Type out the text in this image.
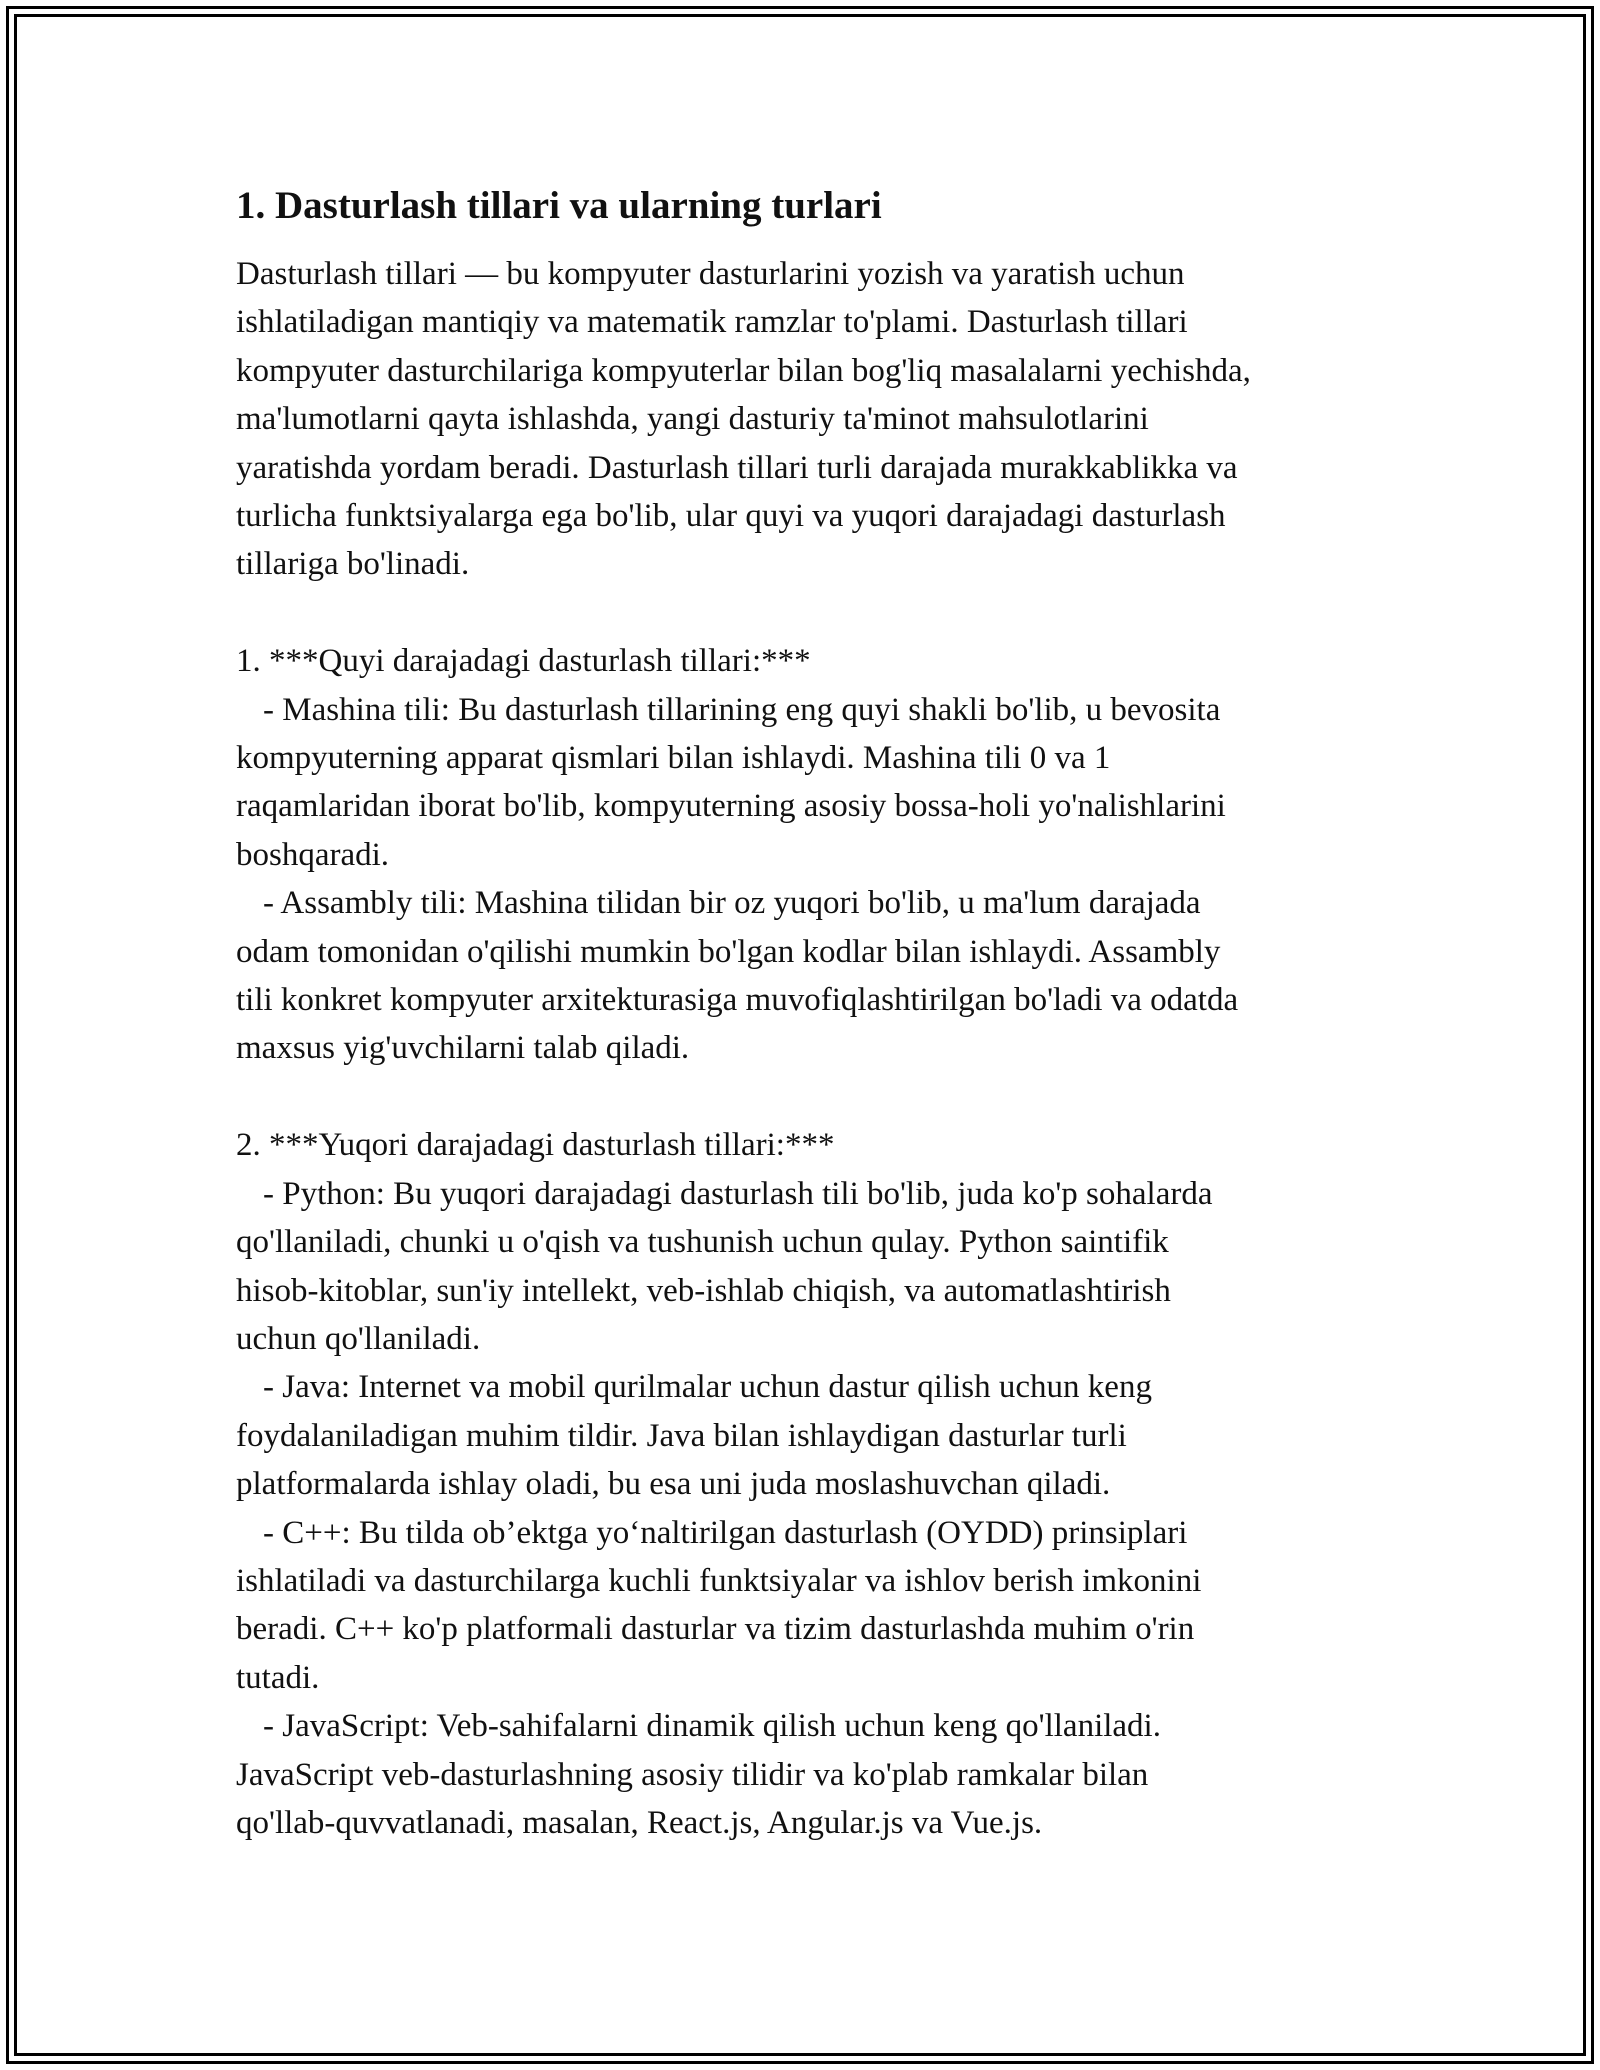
1. Dasturlash tillari va ularning turlari
Dasturlash tillari — bu kompyuter dasturlarini yozish va yaratish uchun
ishlatiladigan mantiqiy va matematik ramzlar to'plami. Dasturlash tillari
kompyuter dasturchilariga kompyuterlar bilan bog'liq masalalarni yechishda,
ma'lumotlarni qayta ishlashda, yangi dasturiy ta'minot mahsulotlarini
yaratishda yordam beradi. Dasturlash tillari turli darajada murakkablikka va
turlicha funktsiyalarga ega bo'lib, ular quyi va yuqori darajadagi dasturlash
tillariga bo'linadi.
1. ***Quyi darajadagi dasturlash tillari:***
- Mashina tili: Bu dasturlash tillarining eng quyi shakli bo'lib, u bevosita
kompyuterning apparat qismlari bilan ishlaydi. Mashina tili 0 va 1
raqamlaridan iborat bo'lib, kompyuterning asosiy bossa-holi yo'nalishlarini
boshqaradi.
- Assambly tili: Mashina tilidan bir oz yuqori bo'lib, u ma'lum darajada
odam tomonidan o'qilishi mumkin bo'lgan kodlar bilan ishlaydi. Assambly
tili konkret kompyuter arxitekturasiga muvofiqlashtirilgan bo'ladi va odatda
maxsus yig'uvchilarni talab qiladi.
2. ***Yuqori darajadagi dasturlash tillari:***
- Python: Bu yuqori darajadagi dasturlash tili bo'lib, juda ko'p sohalarda
qo'llaniladi, chunki u o'qish va tushunish uchun qulay. Python saintifik
hisob-kitoblar, sun'iy intellekt, veb-ishlab chiqish, va automatlashtirish
uchun qo'llaniladi.
- Java: Internet va mobil qurilmalar uchun dastur qilish uchun keng
foydalaniladigan muhim tildir. Java bilan ishlaydigan dasturlar turli
platformalarda ishlay oladi, bu esa uni juda moslashuvchan qiladi.
- C++: Bu tilda ob’ektga yo‘naltirilgan dasturlash (OYDD) prinsiplari
ishlatiladi va dasturchilarga kuchli funktsiyalar va ishlov berish imkonini
beradi. C++ ko'p platformali dasturlar va tizim dasturlashda muhim o'rin
tutadi.
- JavaScript: Veb-sahifalarni dinamik qilish uchun keng qo'llaniladi.
JavaScript veb-dasturlashning asosiy tilidir va ko'plab ramkalar bilan
qo'llab-quvvatlanadi, masalan, React.js, Angular.js va Vue.js.
